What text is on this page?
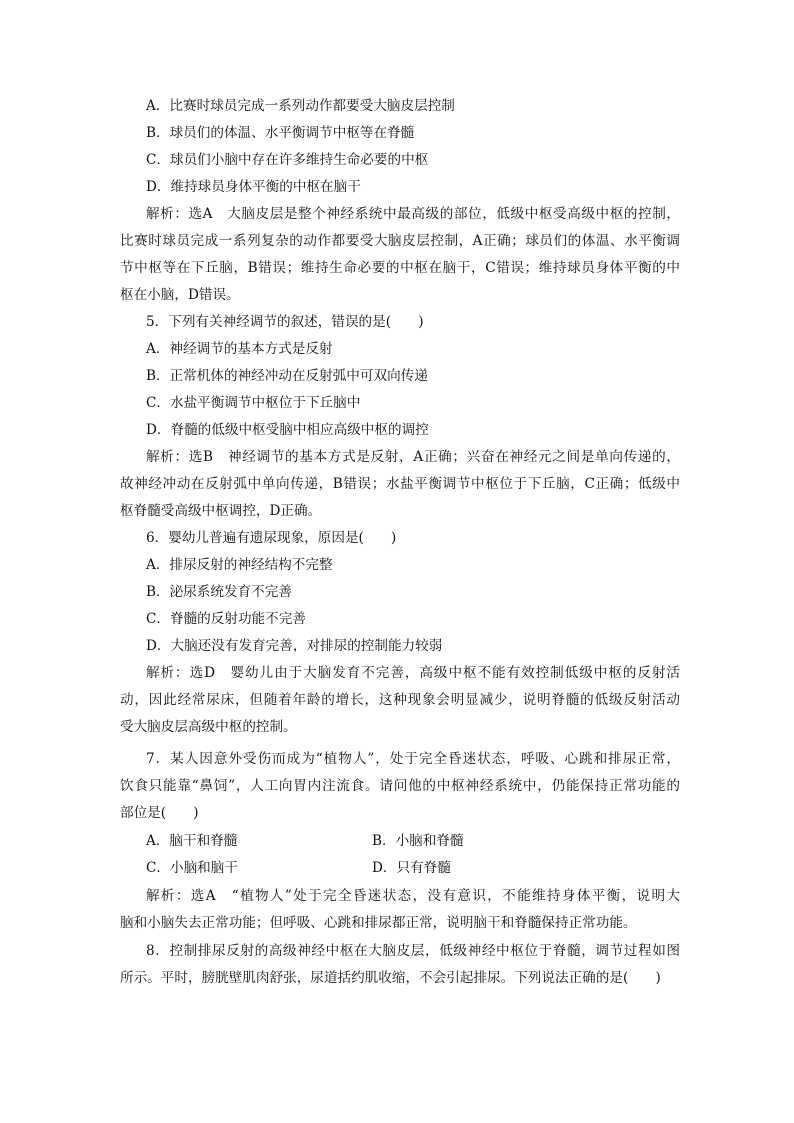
A．比赛时球员完成一系列动作都要受大脑皮层控制
B．球员们的体温、水平衡调节中枢等在脊髓
C．球员们小脑中存在许多维持生命必要的中枢
D．维持球员身体平衡的中枢在脑干
解析：选A　大脑皮层是整个神经系统中最高级的部位，低级中枢受高级中枢的控制，
比赛时球员完成一系列复杂的动作都要受大脑皮层控制，A正确；球员们的体温、水平衡调
节中枢等在下丘脑，B错误；维持生命必要的中枢在脑干，C错误；维持球员身体平衡的中
枢在小脑，D错误。
5．下列有关神经调节的叙述，错误的是(　　)
A．神经调节的基本方式是反射
B．正常机体的神经冲动在反射弧中可双向传递
C．水盐平衡调节中枢位于下丘脑中
D．脊髓的低级中枢受脑中相应高级中枢的调控
解析：选B　神经调节的基本方式是反射，A正确；兴奋在神经元之间是单向传递的，
故神经冲动在反射弧中单向传递，B错误；水盐平衡调节中枢位于下丘脑，C正确；低级中
枢脊髓受高级中枢调控，D正确。
6．婴幼儿普遍有遗尿现象，原因是(　　)
A．排尿反射的神经结构不完整
B．泌尿系统发育不完善
C．脊髓的反射功能不完善
D．大脑还没有发育完善，对排尿的控制能力较弱
解析：选D　婴幼儿由于大脑发育不完善，高级中枢不能有效控制低级中枢的反射活
动，因此经常尿床，但随着年龄的增长，这种现象会明显减少，说明脊髓的低级反射活动
受大脑皮层高级中枢的控制。
7．某人因意外受伤而成为“植物人”，处于完全昏迷状态，呼吸、心跳和排尿正常，
饮食只能靠“鼻饲”，人工向胃内注流食。请问他的中枢神经系统中，仍能保持正常功能的
部位是(　　)
A．脑干和脊髓	B．小脑和脊髓
C．小脑和脑干	D．只有脊髓
解析：选A　“植物人”处于完全昏迷状态，没有意识，不能维持身体平衡，说明大
脑和小脑失去正常功能；但呼吸、心跳和排尿都正常，说明脑干和脊髓保持正常功能。
8．控制排尿反射的高级神经中枢在大脑皮层，低级神经中枢位于脊髓，调节过程如图
所示。平时，膀胱壁肌肉舒张，尿道括约肌收缩，不会引起排尿。下列说法正确的是(　　)
